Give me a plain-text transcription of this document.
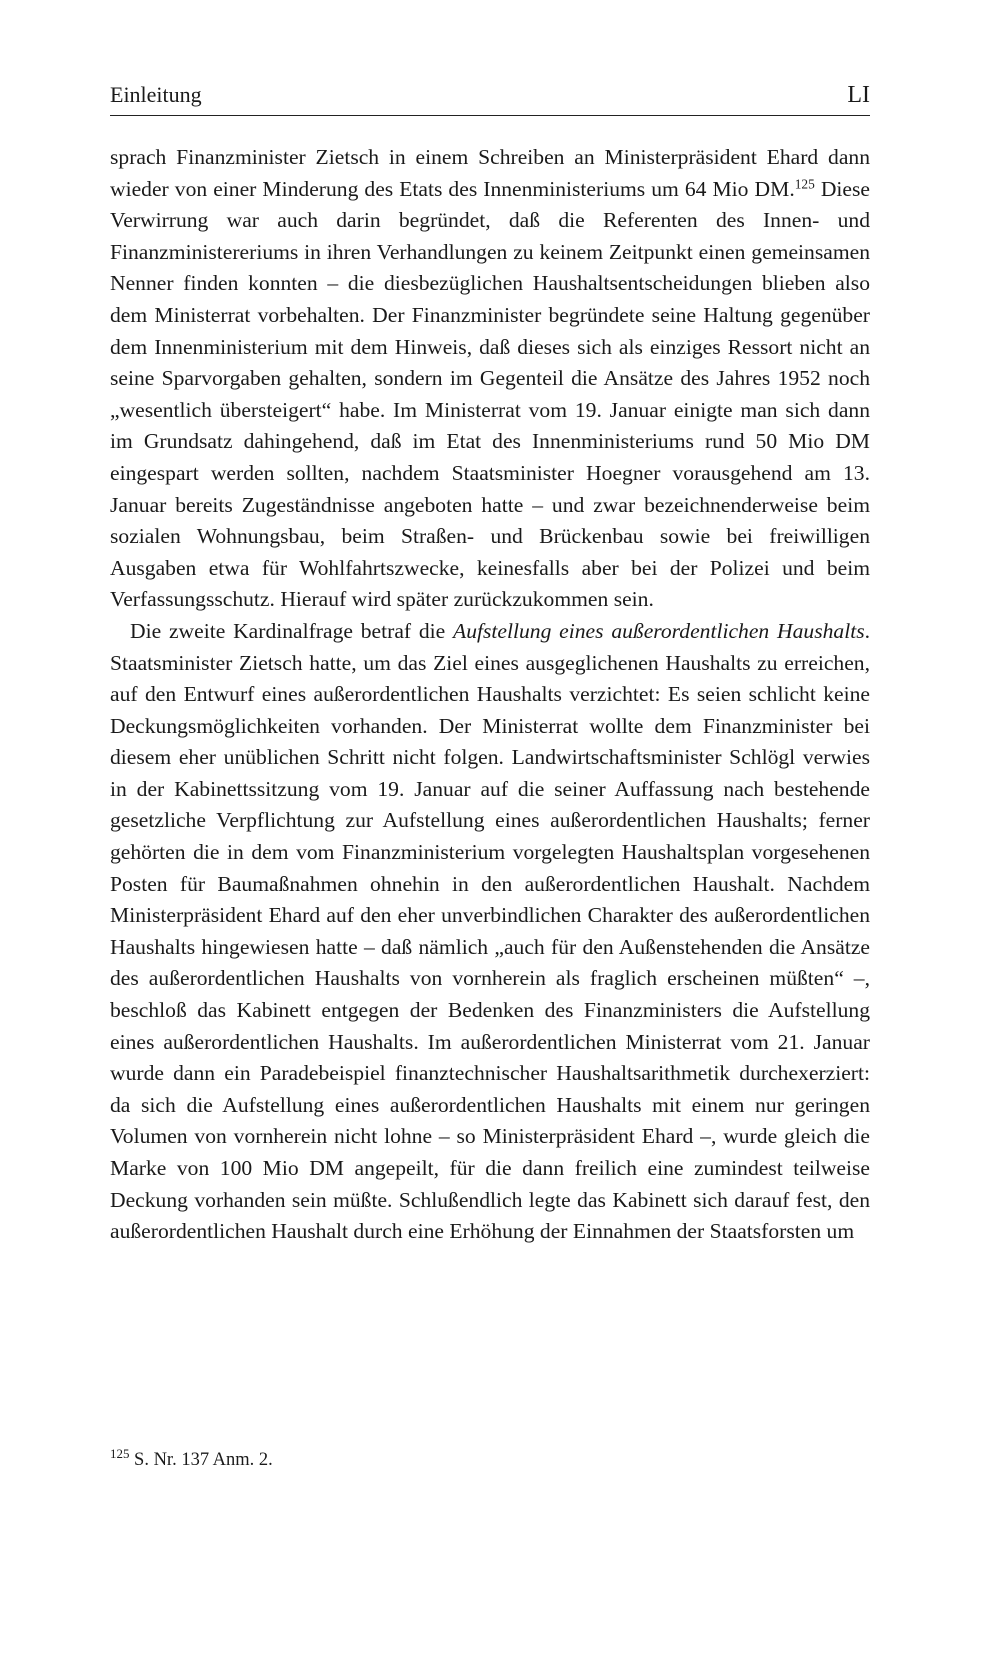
Einleitung	LI

sprach Finanzminister Zietsch in einem Schreiben an Ministerpräsident Ehard dann wieder von einer Minderung des Etats des Innenministeriums um 64 Mio DM.$^{125}$ Diese Verwirrung war auch darin begründet, daß die Referenten des Innen- und Finanzministereriums in ihren Verhandlungen zu keinem Zeitpunkt einen gemeinsamen Nenner finden konnten – die diesbezüglichen Haushaltsentscheidungen blieben also dem Ministerrat vorbehalten. Der Finanzminister begründete seine Haltung gegenüber dem Innenministerium mit dem Hinweis, daß dieses sich als einziges Ressort nicht an seine Sparvorgaben gehalten, sondern im Gegenteil die Ansätze des Jahres 1952 noch „wesentlich übersteigert“ habe. Im Ministerrat vom 19. Januar einigte man sich dann im Grundsatz dahingehend, daß im Etat des Innenministeriums rund 50 Mio DM eingespart werden sollten, nachdem Staatsminister Hoegner vorausgehend am 13. Januar bereits Zugeständnisse angeboten hatte – und zwar bezeichnenderweise beim sozialen Wohnungsbau, beim Straßen- und Brückenbau sowie bei freiwilligen Ausgaben etwa für Wohlfahrtszwecke, keinesfalls aber bei der Polizei und beim Verfassungsschutz. Hierauf wird später zurückzukommen sein.

Die zweite Kardinalfrage betraf die Aufstellung eines außerordentlichen Haushalts. Staatsminister Zietsch hatte, um das Ziel eines ausgeglichenen Haushalts zu erreichen, auf den Entwurf eines außerordentlichen Haushalts verzichtet: Es seien schlicht keine Deckungsmöglichkeiten vorhanden. Der Ministerrat wollte dem Finanzminister bei diesem eher unüblichen Schritt nicht folgen. Landwirtschaftsminister Schlögl verwies in der Kabinettssitzung vom 19. Januar auf die seiner Auffassung nach bestehende gesetzliche Verpflichtung zur Aufstellung eines außerordentlichen Haushalts; ferner gehörten die in dem vom Finanzministerium vorgelegten Haushaltsplan vorgesehenen Posten für Baumaßnahmen ohnehin in den außerordentlichen Haushalt. Nachdem Ministerpräsident Ehard auf den eher unverbindlichen Charakter des außerordentlichen Haushalts hingewiesen hatte – daß nämlich „auch für den Außenstehenden die Ansätze des außerordentlichen Haushalts von vornherein als fraglich erscheinen müßten“ –, beschloß das Kabinett entgegen der Bedenken des Finanzministers die Aufstellung eines außerordentlichen Haushalts. Im außerordentlichen Ministerrat vom 21. Januar wurde dann ein Paradebeispiel finanztechnischer Haushaltsarithmetik durchexerziert: da sich die Aufstellung eines außerordentlichen Haushalts mit einem nur geringen Volumen von vornherein nicht lohne – so Ministerpräsident Ehard –, wurde gleich die Marke von 100 Mio DM angepeilt, für die dann freilich eine zumindest teilweise Deckung vorhanden sein müßte. Schlußendlich legte das Kabinett sich darauf fest, den außerordentlichen Haushalt durch eine Erhöhung der Einnahmen der Staatsforsten um

$^{125}$ S. Nr. 137 Anm. 2.
